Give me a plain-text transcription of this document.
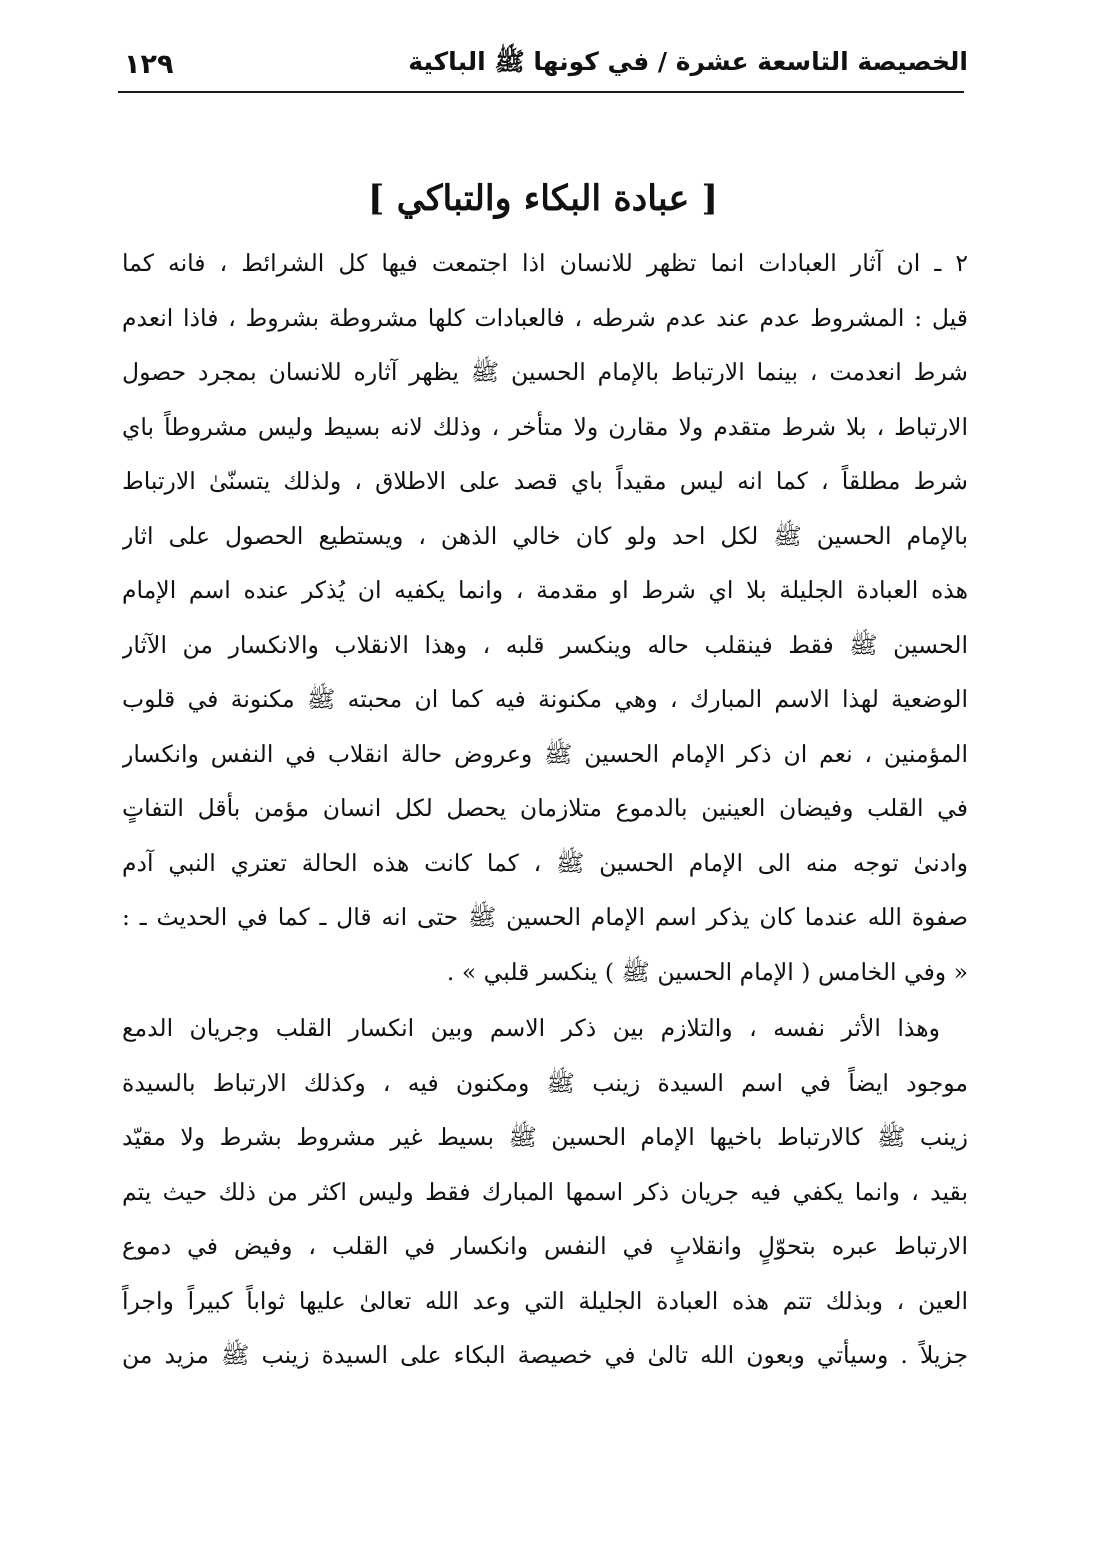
الخصيصة التاسعة عشرة / في كونها ﷺ الباكية
١٢٩
[ عبادة البكاء والتباكي ]
٢ ـ ان آثار العبادات انما تظهر للانسان اذا اجتمعت فيها كل الشرائط ، فانه كما
قيل : المشروط عدم عند عدم شرطه ، فالعبادات كلها مشروطة بشروط ، فاذا انعدم
شرط انعدمت ، بينما الارتباط بالإمام الحسين ﷺ يظهر آثاره للانسان بمجرد حصول
الارتباط ، بلا شرط متقدم ولا مقارن ولا متأخر ، وذلك لانه بسيط وليس مشروطاً باي
شرط مطلقاً ، كما انه ليس مقيداً باي قصد على الاطلاق ، ولذلك يتسنّىٰ الارتباط
بالإمام الحسين ﷺ لكل احد ولو كان خالي الذهن ، ويستطيع الحصول على اثار
هذه العبادة الجليلة بلا اي شرط او مقدمة ، وانما يكفيه ان يُذكر عنده اسم الإمام
الحسين ﷺ فقط فينقلب حاله وينكسر قلبه ، وهذا الانقلاب والانكسار من الآثار
الوضعية لهذا الاسم المبارك ، وهي مكنونة فيه كما ان محبته ﷺ مكنونة في قلوب
المؤمنين ، نعم ان ذكر الإمام الحسين ﷺ وعروض حالة انقلاب في النفس وانكسار
في القلب وفيضان العينين بالدموع متلازمان يحصل لكل انسان مؤمن بأقل التفاتٍ
وادنىٰ توجه منه الى الإمام الحسين ﷺ ، كما كانت هذه الحالة تعتري النبي آدم
صفوة الله عندما كان يذكر اسم الإمام الحسين ﷺ حتى انه قال ـ كما في الحديث ـ :
« وفي الخامس ( الإمام الحسين ﷺ ) ينكسر قلبي » .
وهذا الأثر نفسه ، والتلازم بين ذكر الاسم وبين انكسار القلب وجريان الدمع
موجود ايضاً في اسم السيدة زينب ﷺ ومكنون فيه ، وكذلك الارتباط بالسيدة
زينب ﷺ كالارتباط باخيها الإمام الحسين ﷺ بسيط غير مشروط بشرط ولا مقيّد
بقيد ، وانما يكفي فيه جريان ذكر اسمها المبارك فقط وليس اكثر من ذلك حيث يتم
الارتباط عبره بتحوّلٍ وانقلابٍ في النفس وانكسار في القلب ، وفيض في دموع
العين ، وبذلك تتم هذه العبادة الجليلة التي وعد الله تعالىٰ عليها ثواباً كبيراً واجراً
جزيلاً . وسيأتي وبعون الله تالىٰ في خصيصة البكاء على السيدة زينب ﷺ مزيد من
